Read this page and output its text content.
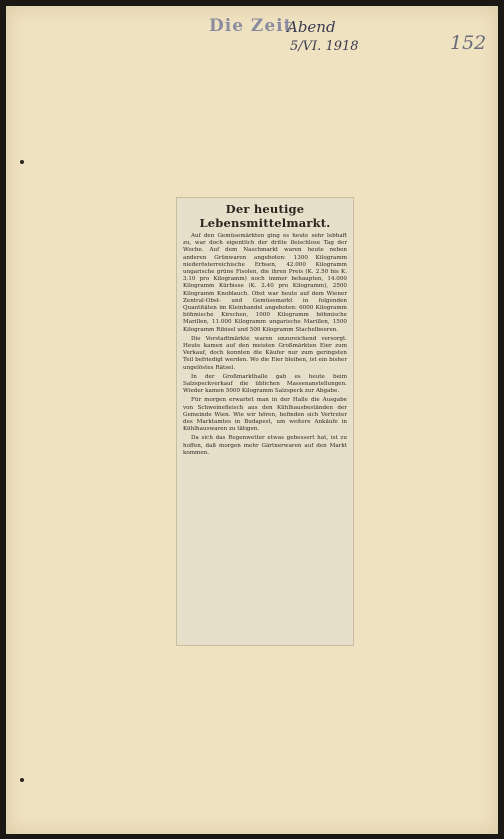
Die Zeit
Abend
5/VI. 1918	152
Der heutige Lebensmittelmarkt.

Auf den Gemüsemärkten ging es heute sehr lebhaft zu, war doch eigentlich der dritte fleischlose Tag der Woche. Auf dem Naschmarkt waren heute neben anderen Grünwaren angeboten: 1300 Kilogramm niederösterreichische Erbsen, 42.000 Kilogramm ungarische grüne Fisolen, die ihren Preis (K. 2.50 bis K. 3.10 pro Kilogramm) noch immer behaupten, 14.000 Kilogramm Kürbisse (K. 2.40 pro Kilogramm), 2500 Kilogramm Knoblauch. Obst war heute auf dem Wiener Zentral-Obst- und Gemüsemarkt in folgenden Quantitäten im Kleinhandel angeboten: 6000 Kilogramm böhmische Kirschen, 1000 Kilogramm böhmische Marillen, 11.000 Kilogramm ungarische Marillen, 1500 Kilogramm Ribisel und 500 Kilogramm Stachelbeeren.

Die Vorstadtmärkte waren unzureichend versorgt. Heute kamen auf den meisten Großmärkten Eier zum Verkauf, doch konnten die Käufer nur zum geringsten Teil befriedigt werden. Wo die Eier bleiben, ist ein bisher ungelöstes Rätsel.

In der Großmarkthalle gab es heute beim Salzspeckverkauf die üblichen Massenanstellungen. Wieder kamen 5000 Kilogramm Salzspeck zur Abgabe.

Für morgen erwartet man in der Halle die Ausgabe von Schweinefleisch aus den Kühlhausbeständen der Gemeinde Wien. Wie wir hören, befinden sich Vertreter des Marktamtes in Budapest, um weitere Ankäufe in Kühlhauswaren zu tätigen.

Da sich das Regenwetter etwas gebessert hat, ist zu hoffen, daß morgen mehr Gärtnerwaren auf den Markt kommen.
